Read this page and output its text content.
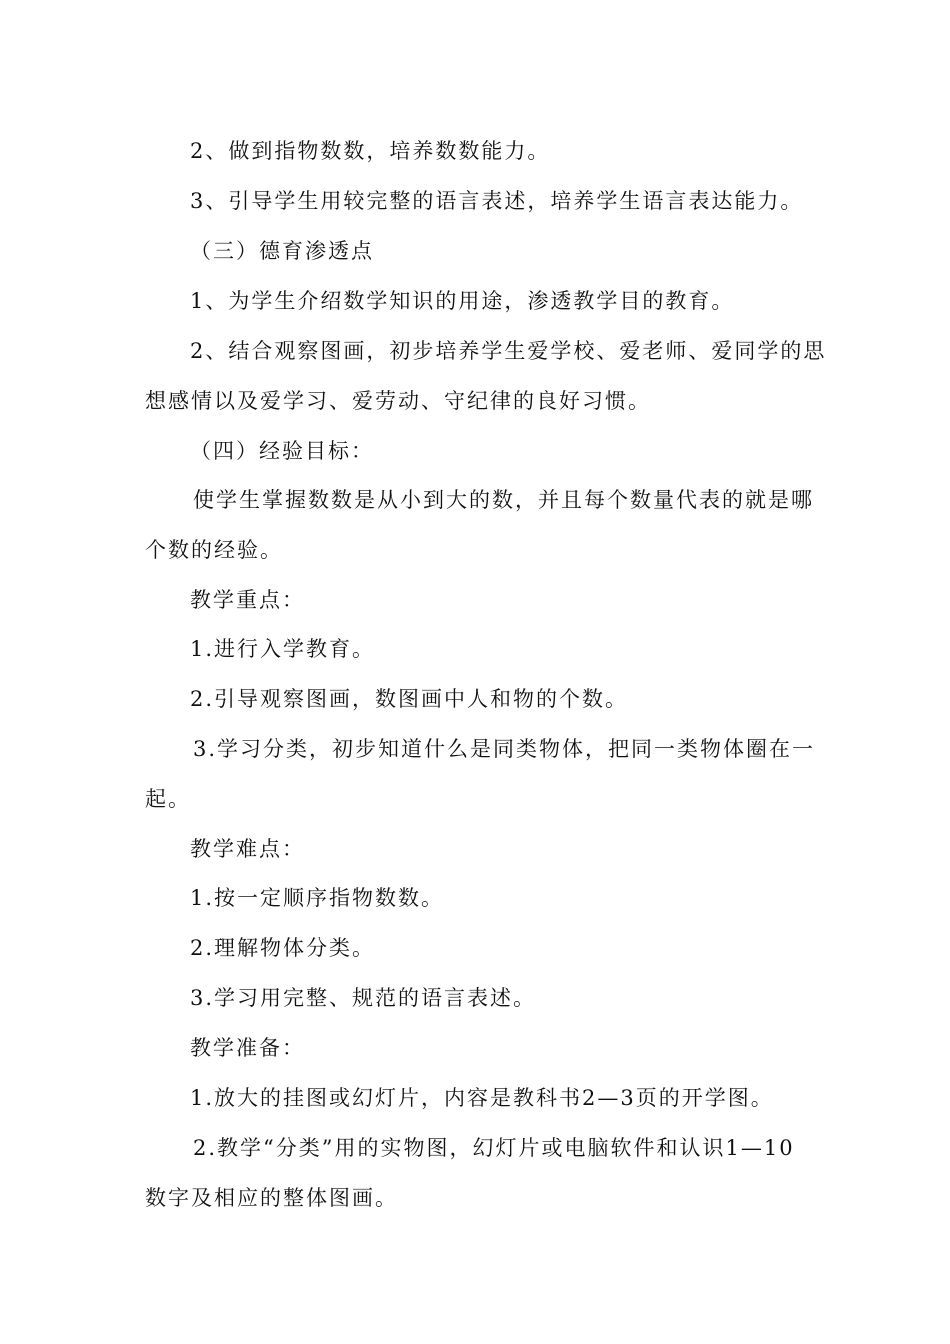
2、做到指物数数，培养数数能力。
3、引导学生用较完整的语言表述，培养学生语言表达能力。
（三）德育渗透点
1、为学生介绍数学知识的用途，渗透教学目的教育。
2、结合观察图画，初步培养学生爱学校、爱老师、爱同学的思
想感情以及爱学习、爱劳动、守纪律的良好习惯。
（四）经验目标：
使学生掌握数数是从小到大的数，并且每个数量代表的就是哪
个数的经验。
教学重点：
1.进行入学教育。
2.引导观察图画，数图画中人和物的个数。
3.学习分类，初步知道什么是同类物体，把同一类物体圈在一
起。
教学难点：
1.按一定顺序指物数数。
2.理解物体分类。
3.学习用完整、规范的语言表述。
教学准备：
1.放大的挂图或幻灯片，内容是教科书2—3页的开学图。
2.教学“分类”用的实物图，幻灯片或电脑软件和认识1—10
数字及相应的整体图画。
